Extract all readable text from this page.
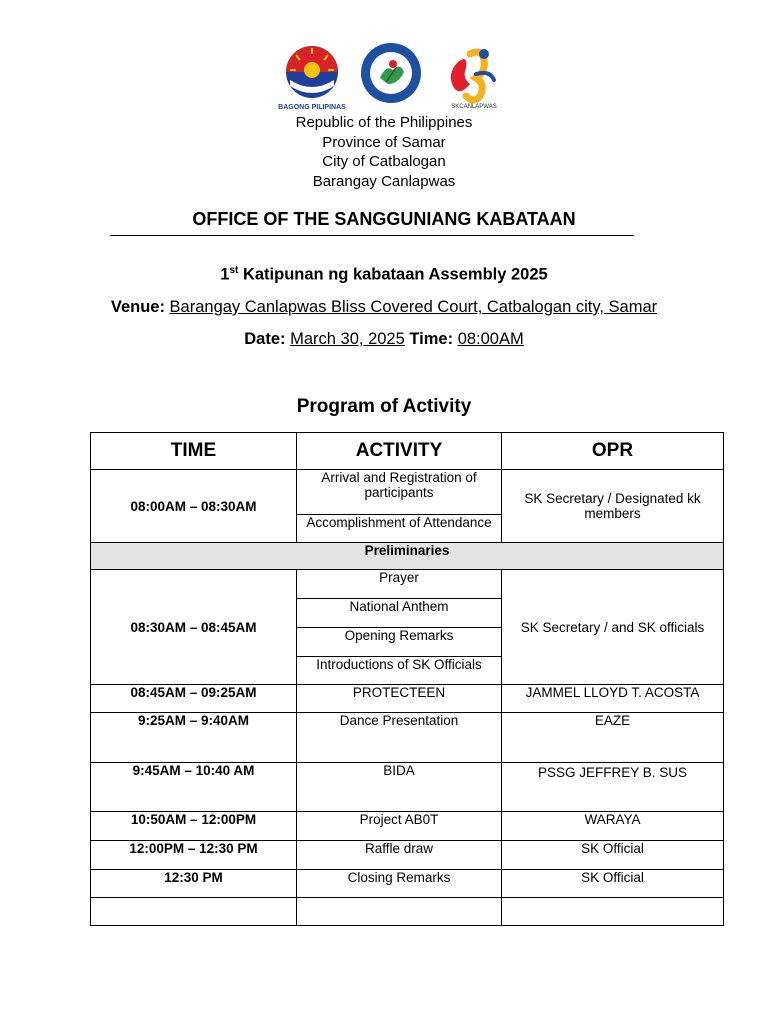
BAGONG PILIPINAS	SKCANLAPWAS
Republic of the Philippines
Province of Samar
City of Catbalogan
Barangay Canlapwas
OFFICE OF THE SANGGUNIANG KABATAAN
1st Katipunan ng kabataan Assembly 2025
Venue: Barangay Canlapwas Bliss Covered Court, Catbalogan city, Samar
Date: March 30, 2025 Time: 08:00AM
Program of Activity
TIME	ACTIVITY	OPR
08:00AM – 08:30AM	Arrival and Registration of participants	SK Secretary / Designated kk members
	Accomplishment of Attendance	
Preliminaries		
08:30AM – 08:45AM	Prayer	SK Secretary / and SK officials
	National Anthem	
	Opening Remarks	
	Introductions of SK Officials	
08:45AM – 09:25AM	PROTECTEEN	JAMMEL LLOYD T. ACOSTA
9:25AM – 9:40AM	Dance Presentation	EAZE
9:45AM – 10:40 AM	BIDA	PSSG JEFFREY B. SUS
10:50AM – 12:00PM	Project AB0T	WARAYA
12:00PM – 12:30 PM	Raffle draw	SK Official
12:30 PM	Closing Remarks	SK Official
